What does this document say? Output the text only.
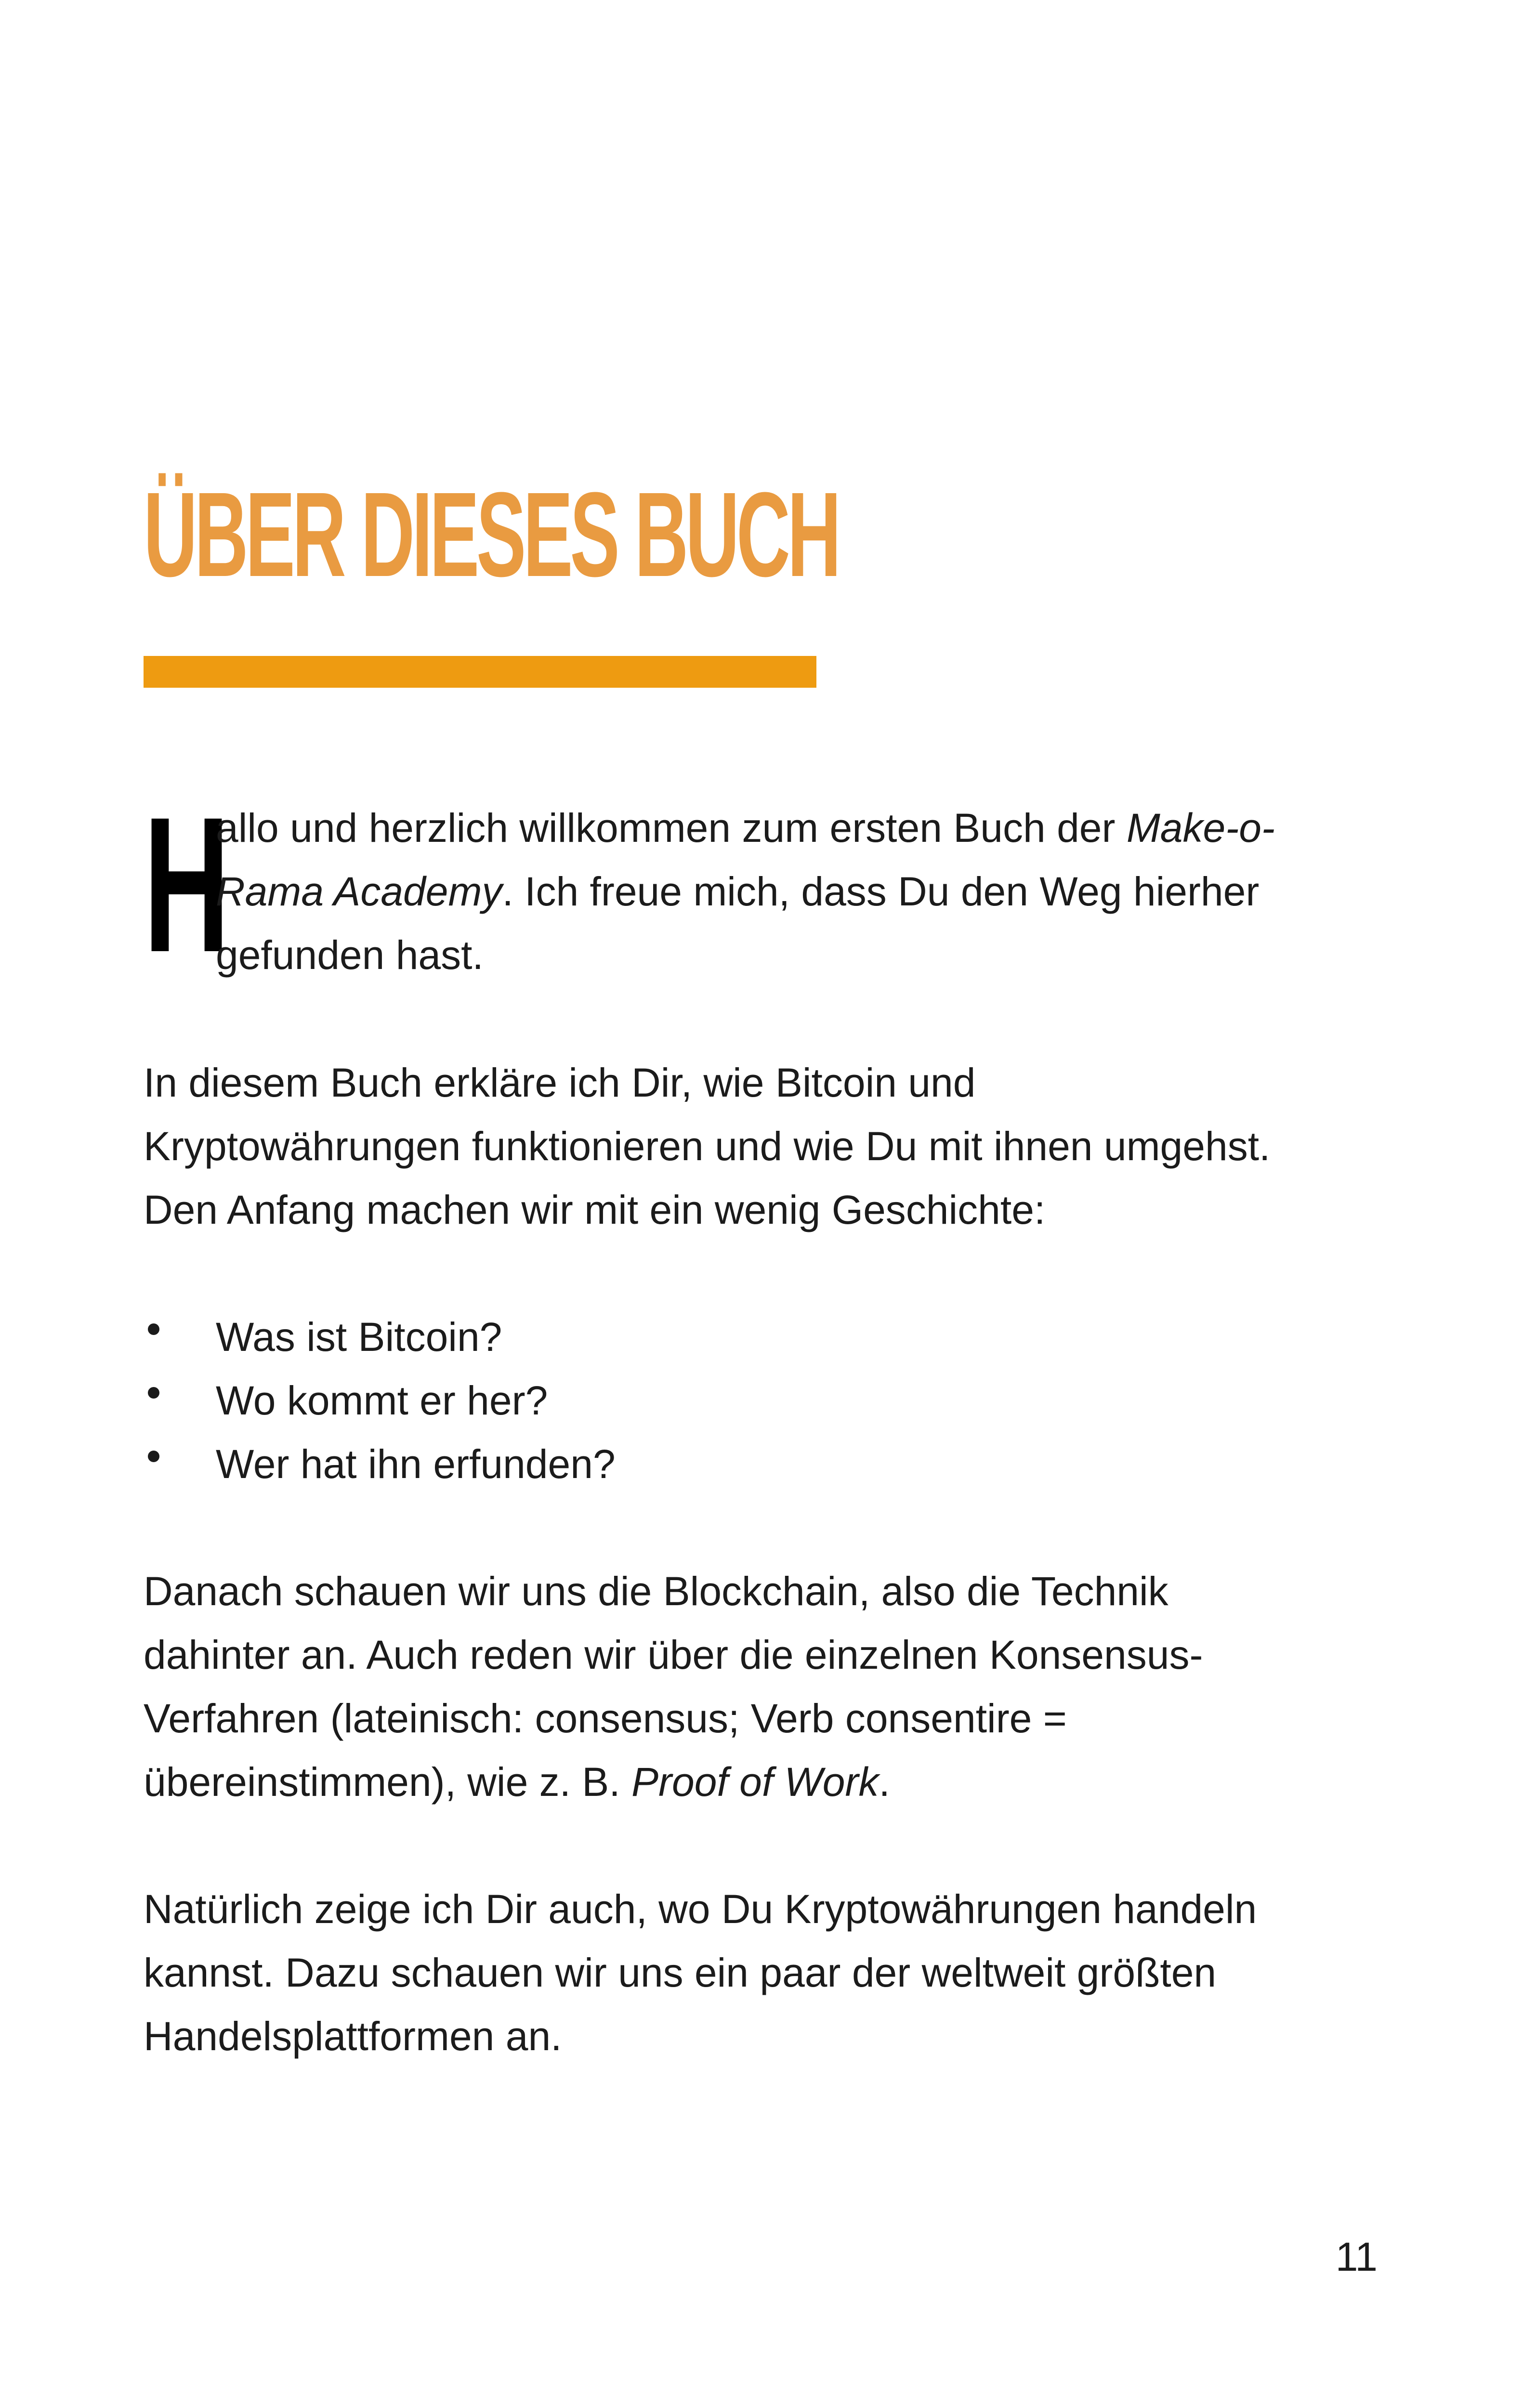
ÜBER DIESES BUCH
H
allo und herzlich willkommen zum ersten Buch der Make-o-
Rama Academy. Ich freue mich, dass Du den Weg hierher
gefunden hast.
In diesem Buch erkläre ich Dir, wie Bitcoin und
Kryptowährungen funktionieren und wie Du mit ihnen umgehst.
Den Anfang machen wir mit ein wenig Geschichte:
Was ist Bitcoin?
Wo kommt er her?
Wer hat ihn erfunden?
Danach schauen wir uns die Blockchain, also die Technik
dahinter an. Auch reden wir über die einzelnen Konsensus-
Verfahren (lateinisch: consensus; Verb consentire =
übereinstimmen), wie z. B. Proof of Work.
Natürlich zeige ich Dir auch, wo Du Kryptowährungen handeln
kannst. Dazu schauen wir uns ein paar der weltweit größten
Handelsplattformen an.
11
